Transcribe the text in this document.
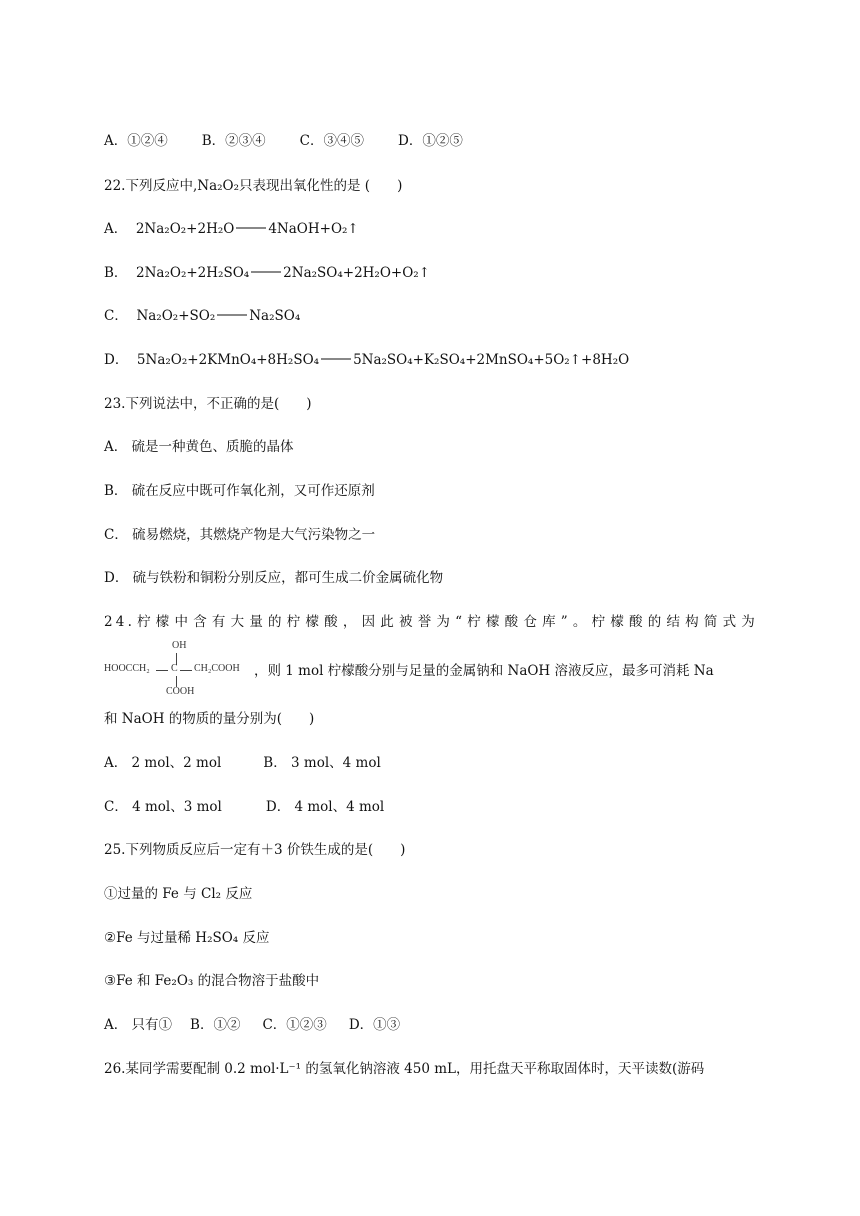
A．①②④	B．②③④	C．③④⑤	D．①②⑤
22.下列反应中,Na₂O₂只表现出氧化性的是 (　　)
A． 2Na₂O₂+2H₂O	4NaOH+O₂↑
B． 2Na₂O₂+2H₂SO₄	2Na₂SO₄+2H₂O+O₂↑
C． Na₂O₂+SO₂	Na₂SO₄
D． 5Na₂O₂+2KMnO₄+8H₂SO₄	5Na₂SO₄+K₂SO₄+2MnSO₄+5O₂↑+8H₂O
23.下列说法中，不正确的是(　　)
A． 硫是一种黄色、质脆的晶体
B． 硫在反应中既可作氧化剂，又可作还原剂
C． 硫易燃烧，其燃烧产物是大气污染物之一
D． 硫与铁粉和铜粉分别反应，都可生成二价金属硫化物
24.柠檬中含有大量的柠檬酸，因此被誉为“柠檬酸仓库”。柠檬酸的结构简式为
OH
HOOCCH₂ C CH₂COOH
COOH
，则 1 mol 柠檬酸分别与足量的金属钠和 NaOH 溶液反应，最多可消耗 Na
和 NaOH 的物质的量分别为(　　)
A． 2 mol、2 mol	B． 3 mol、4 mol
C． 4 mol、3 mol	D． 4 mol、4 mol
25.下列物质反应后一定有＋3 价铁生成的是(　　)
①过量的 Fe 与 Cl₂ 反应
②Fe 与过量稀 H₂SO₄ 反应
③Fe 和 Fe₂O₃ 的混合物溶于盐酸中
A． 只有① B．①② C．①②③ D．①③
26.某同学需要配制 0.2 mol·L⁻¹ 的氢氧化钠溶液 450 mL，用托盘天平称取固体时，天平读数(游码
